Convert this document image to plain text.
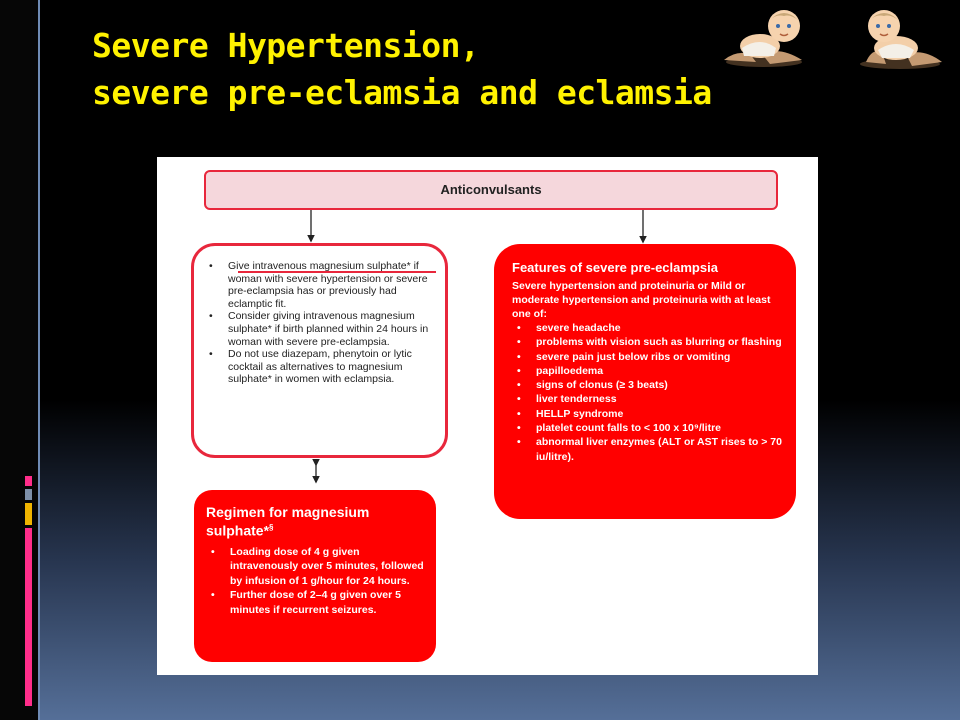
Severe Hypertension,
severe pre-eclamsia and eclamsia
Anticonvulsants
• Give intravenous magnesium sulphate* if woman with severe hypertension or severe pre-eclampsia has or previously had eclamptic fit.
• Consider giving intravenous magnesium sulphate* if birth planned within 24 hours in woman with severe pre-eclampsia.
• Do not use diazepam, phenytoin or lytic cocktail as alternatives to magnesium sulphate* in women with eclampsia.

Regimen for magnesium sulphate*§

• Loading dose of 4 g given intravenously over 5 minutes, followed by infusion of 1 g/hour for 24 hours.
• Further dose of 2–4 g given over 5 minutes if recurrent seizures.

Features of severe pre-eclampsia

Severe hypertension and proteinuria or Mild or moderate hypertension and proteinuria with at least one of:

• severe headache
• problems with vision such as blurring or flashing
• severe pain just below ribs or vomiting
• papilloedema
• signs of clonus (≥ 3 beats)
• liver tenderness
• HELLP syndrome
• platelet count falls to < 100 x 10⁹/litre
• abnormal liver enzymes (ALT or AST rises to > 70 iu/litre).
